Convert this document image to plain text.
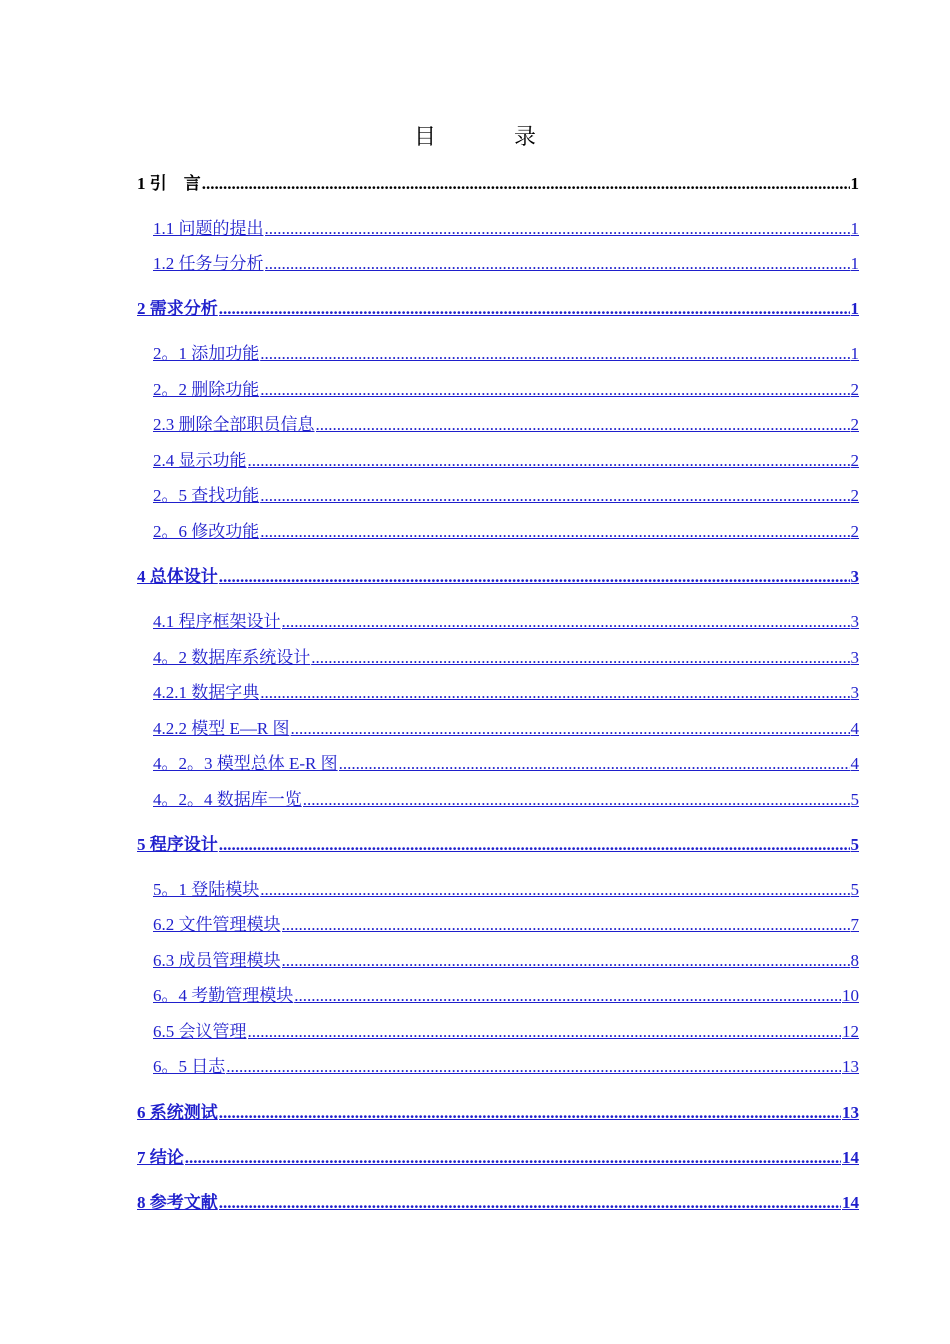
目　录
1 引　言 .....	1
1.1 问题的提出 .....	1
1.2 任务与分析 .....	1
2 需求分析 .....	1
2。1 添加功能 .....	1
2。2 删除功能 .....	2
2.3 删除全部职员信息 .....	2
2.4 显示功能 .....	2
2。5 查找功能 .....	2
2。6 修改功能 .....	2
4 总体设计 .....	3
4.1 程序框架设计 .....	3
4。2 数据库系统设计 .....	3
4.2.1 数据字典 .....	3
4.2.2 模型 E—R 图 .....	4
4。2。3 模型总体 E-R 图 .....	4
4。2。4 数据库一览 .....	5
5 程序设计 .....	5
5。1 登陆模块 .....	5
6.2 文件管理模块 .....	7
6.3 成员管理模块 .....	8
6。4 考勤管理模块 .....	10
6.5 会议管理 .....	12
6。5 日志 .....	13
6 系统测试 .....	13
7 结论 .....	14
8 参考文献 .....	14
